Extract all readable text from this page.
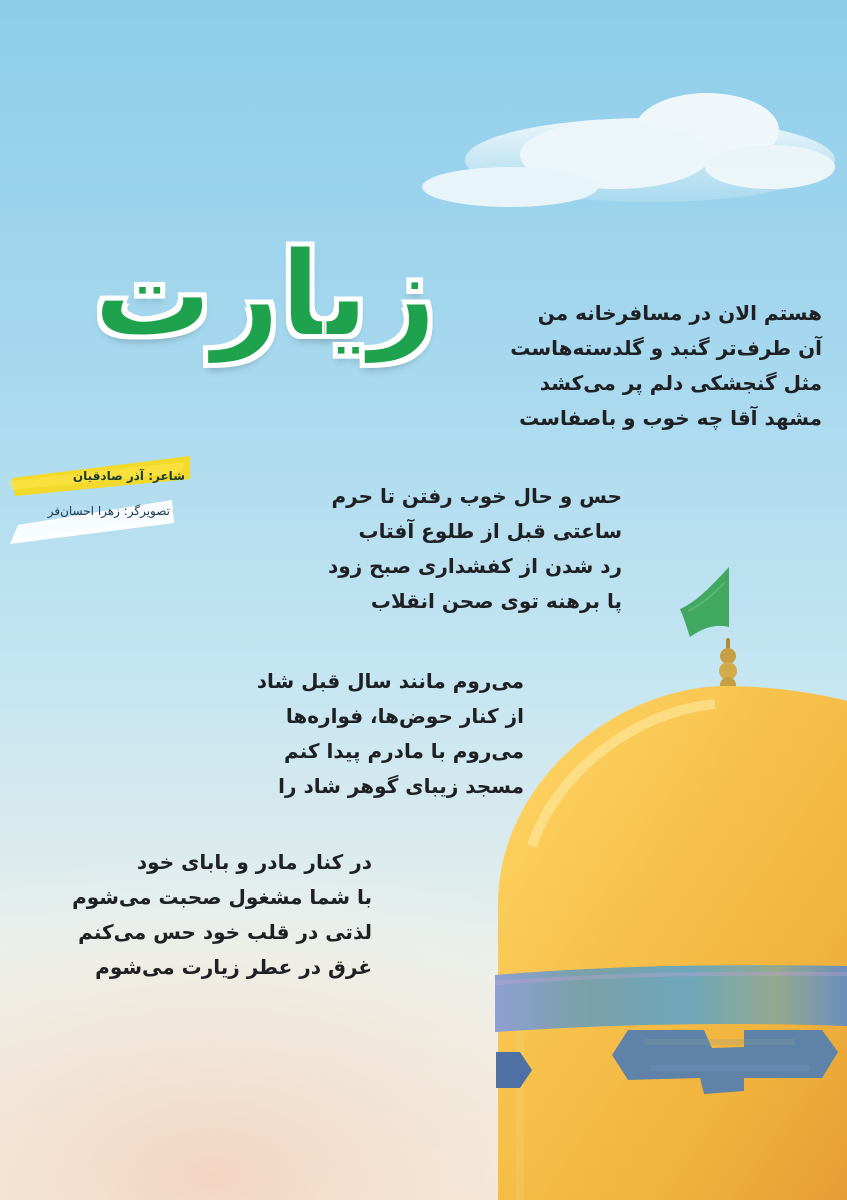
زیارت
شاعر: آذر صادقیان
تصویرگر: زهرا احسان‌فر
هستم الان در مسافرخانه من
آن طرف‌تر گنبد و گلدسته‌هاست
مثل گنجشکی دلم پر می‌کشد
مشهد آقا چه خوب و باصفاست
حس و حال خوب رفتن تا حرم
ساعتی قبل از طلوع آفتاب
رد شدن از کفشداری صبح زود
پا برهنه توی صحن انقلاب
می‌روم مانند سال قبل شاد
از کنار حوض‌ها، فواره‌ها
می‌روم با مادرم پیدا کنم
مسجد زیبای گوهر شاد را
در کنار مادر و بابای خود
با شما مشغول صحبت می‌شوم
لذتی در قلب خود حس می‌کنم
غرق در عطر زیارت می‌شوم
